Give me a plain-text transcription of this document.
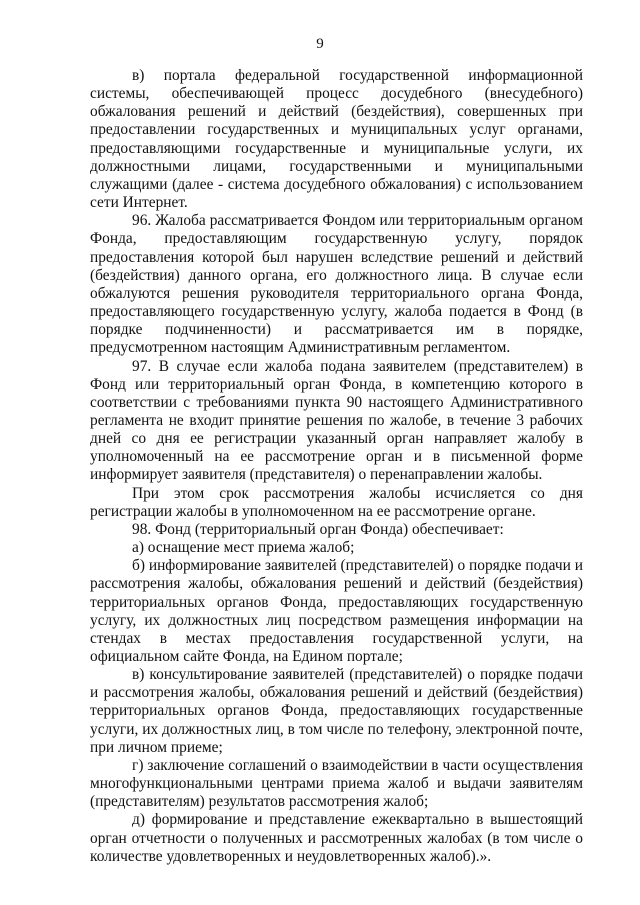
9

в) портала федеральной государственной информационной системы, обеспечивающей процесс досудебного (внесудебного) обжалования решений и действий (бездействия), совершенных при предоставлении государственных и муниципальных услуг органами, предоставляющими государственные и муниципальные услуги, их должностными лицами, государственными и муниципальными служащими (далее - система досудебного обжалования) с использованием сети Интернет.

96. Жалоба рассматривается Фондом или территориальным органом Фонда, предоставляющим государственную услугу, порядок предоставления которой был нарушен вследствие решений и действий (бездействия) данного органа, его должностного лица. В случае если обжалуются решения руководителя территориального органа Фонда, предоставляющего государственную услугу, жалоба подается в Фонд (в порядке подчиненности) и рассматривается им в порядке, предусмотренном настоящим Административным регламентом.

97. В случае если жалоба подана заявителем (представителем) в Фонд или территориальный орган Фонда, в компетенцию которого в соответствии с требованиями пункта 90 настоящего Административного регламента не входит принятие решения по жалобе, в течение 3 рабочих дней со дня ее регистрации указанный орган направляет жалобу в уполномоченный на ее рассмотрение орган и в письменной форме информирует заявителя (представителя) о перенаправлении жалобы.

При этом срок рассмотрения жалобы исчисляется со дня регистрации жалобы в уполномоченном на ее рассмотрение органе.

98. Фонд (территориальный орган Фонда) обеспечивает:

а) оснащение мест приема жалоб;

б) информирование заявителей (представителей) о порядке подачи и рассмотрения жалобы, обжалования решений и действий (бездействия) территориальных органов Фонда, предоставляющих государственную услугу, их должностных лиц посредством размещения информации на стендах в местах предоставления государственной услуги, на официальном сайте Фонда, на Едином портале;

в) консультирование заявителей (представителей) о порядке подачи и рассмотрения жалобы, обжалования решений и действий (бездействия) территориальных органов Фонда, предоставляющих государственные услуги, их должностных лиц, в том числе по телефону, электронной почте, при личном приеме;

г) заключение соглашений о взаимодействии в части осуществления многофункциональными центрами приема жалоб и выдачи заявителям (представителям) результатов рассмотрения жалоб;

д) формирование и представление ежеквартально в вышестоящий орган отчетности о полученных и рассмотренных жалобах (в том числе о количестве удовлетворенных и неудовлетворенных жалоб).».
